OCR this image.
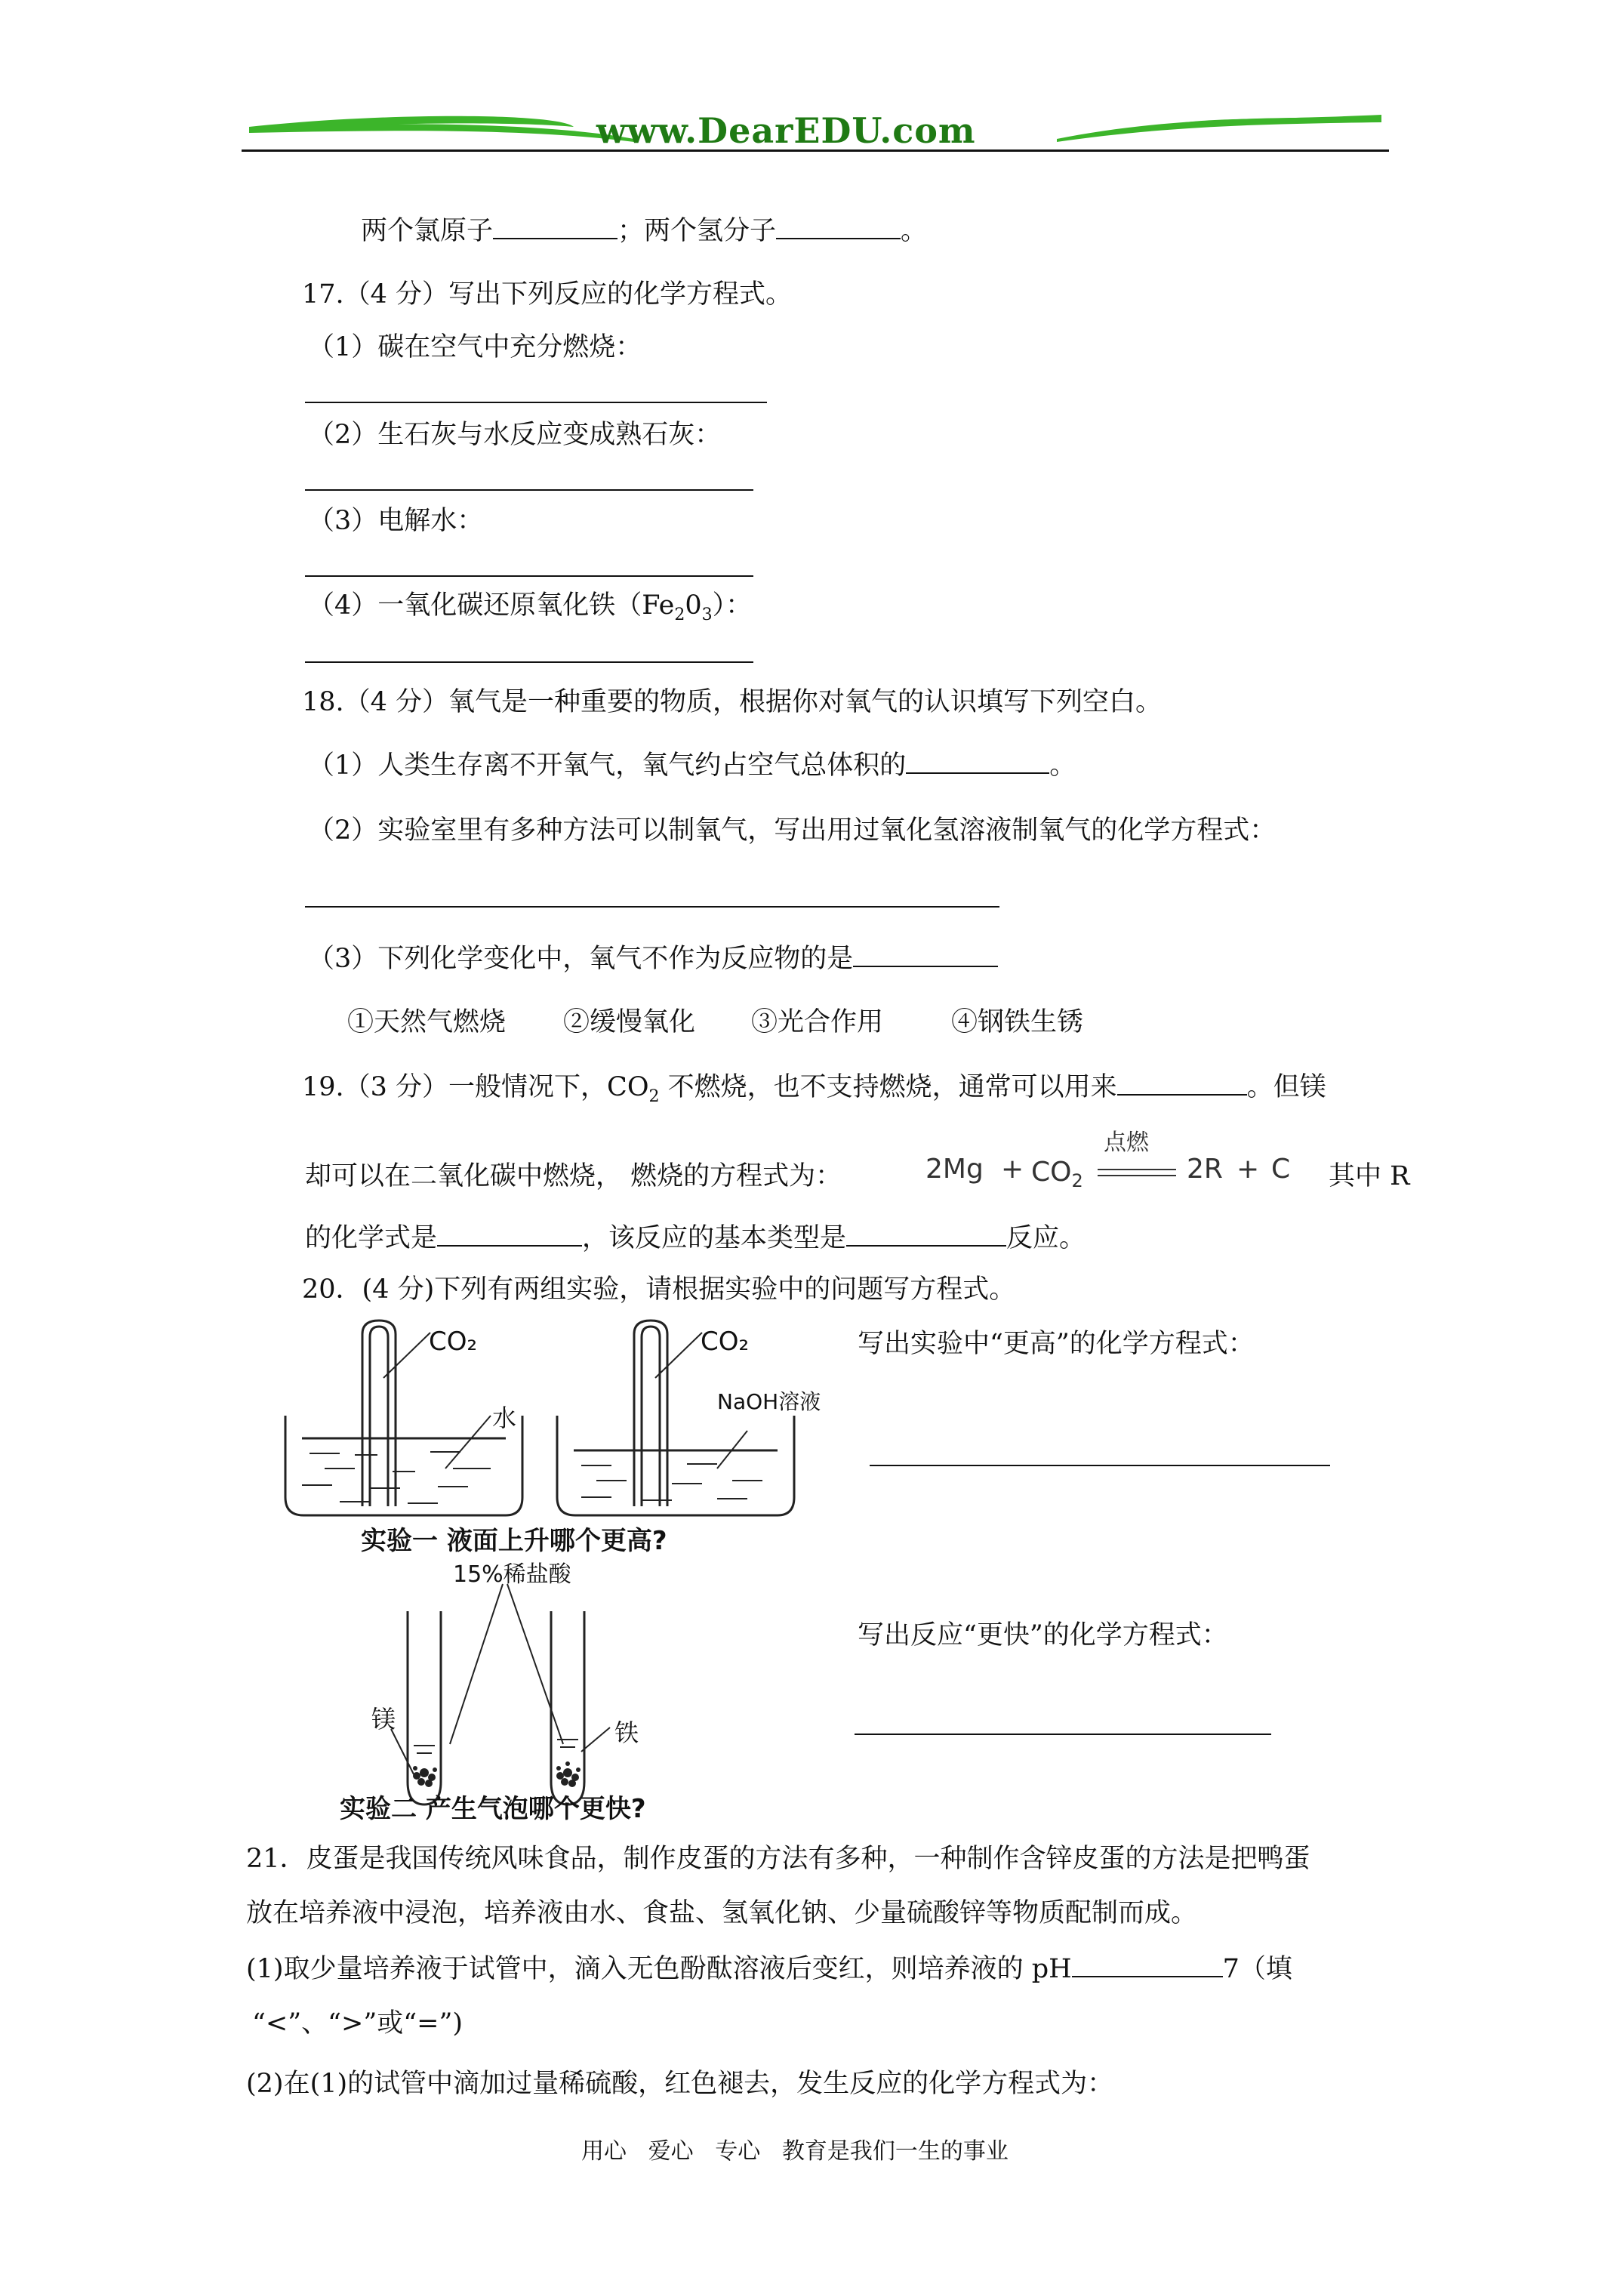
www.DearEDU.com
两个氯原子	；两个氢分子	。
17.（4 分）写出下列反应的化学方程式。
（1）碳在空气中充分燃烧：
（2）生石灰与水反应变成熟石灰：
（3）电解水：
（4）一氧化碳还原氧化铁$(Fe_20_3)$：
18.（4 分）氧气是一种重要的物质，根据你对氧气的认识填写下列空白。
（1）人类生存离不开氧气，氧气约占空气总体积的	。
（2）实验室里有多种方法可以制氧气，写出用过氧化氢溶液制氧气的化学方程式：
（3）下列化学变化中，氧气不作为反应物的是
①天然气燃烧 ②缓慢氧化 ③光合作用	④钢铁生锈
19.（3 分）一般情况下，$CO_2$ 不燃烧，也不支持燃烧，通常可以用来	。但镁
却可以在二氧化碳中燃烧， 燃烧的方程式为：	$2Mg + CO_2$
点燃
2R + C 其中 R
的化学式是	，该反应的基本类型是	反应。
20．(4 分)下列有两组实验，请根据实验中的问题写方程式。
CO₂	CO₂
水
NaOH溶液
实验一 液面上升哪个更高?
写出实验中“更高”的化学方程式：
15%稀盐酸
镁	铁
实验二 产生气泡哪个更快?
写出反应“更快”的化学方程式：
21．皮蛋是我国传统风味食品，制作皮蛋的方法有多种，一种制作含锌皮蛋的方法是把鸭蛋
放在培养液中浸泡，培养液由水、食盐、氢氧化钠、少量硫酸锌等物质配制而成。
(1)取少量培养液于试管中，滴入无色酚酞溶液后变红，则培养液的 pH	7（填
“<”、“>”或“=”)
(2)在(1)的试管中滴加过量稀硫酸，红色褪去，发生反应的化学方程式为：
用心   爱心   专心   教育是我们一生的事业
